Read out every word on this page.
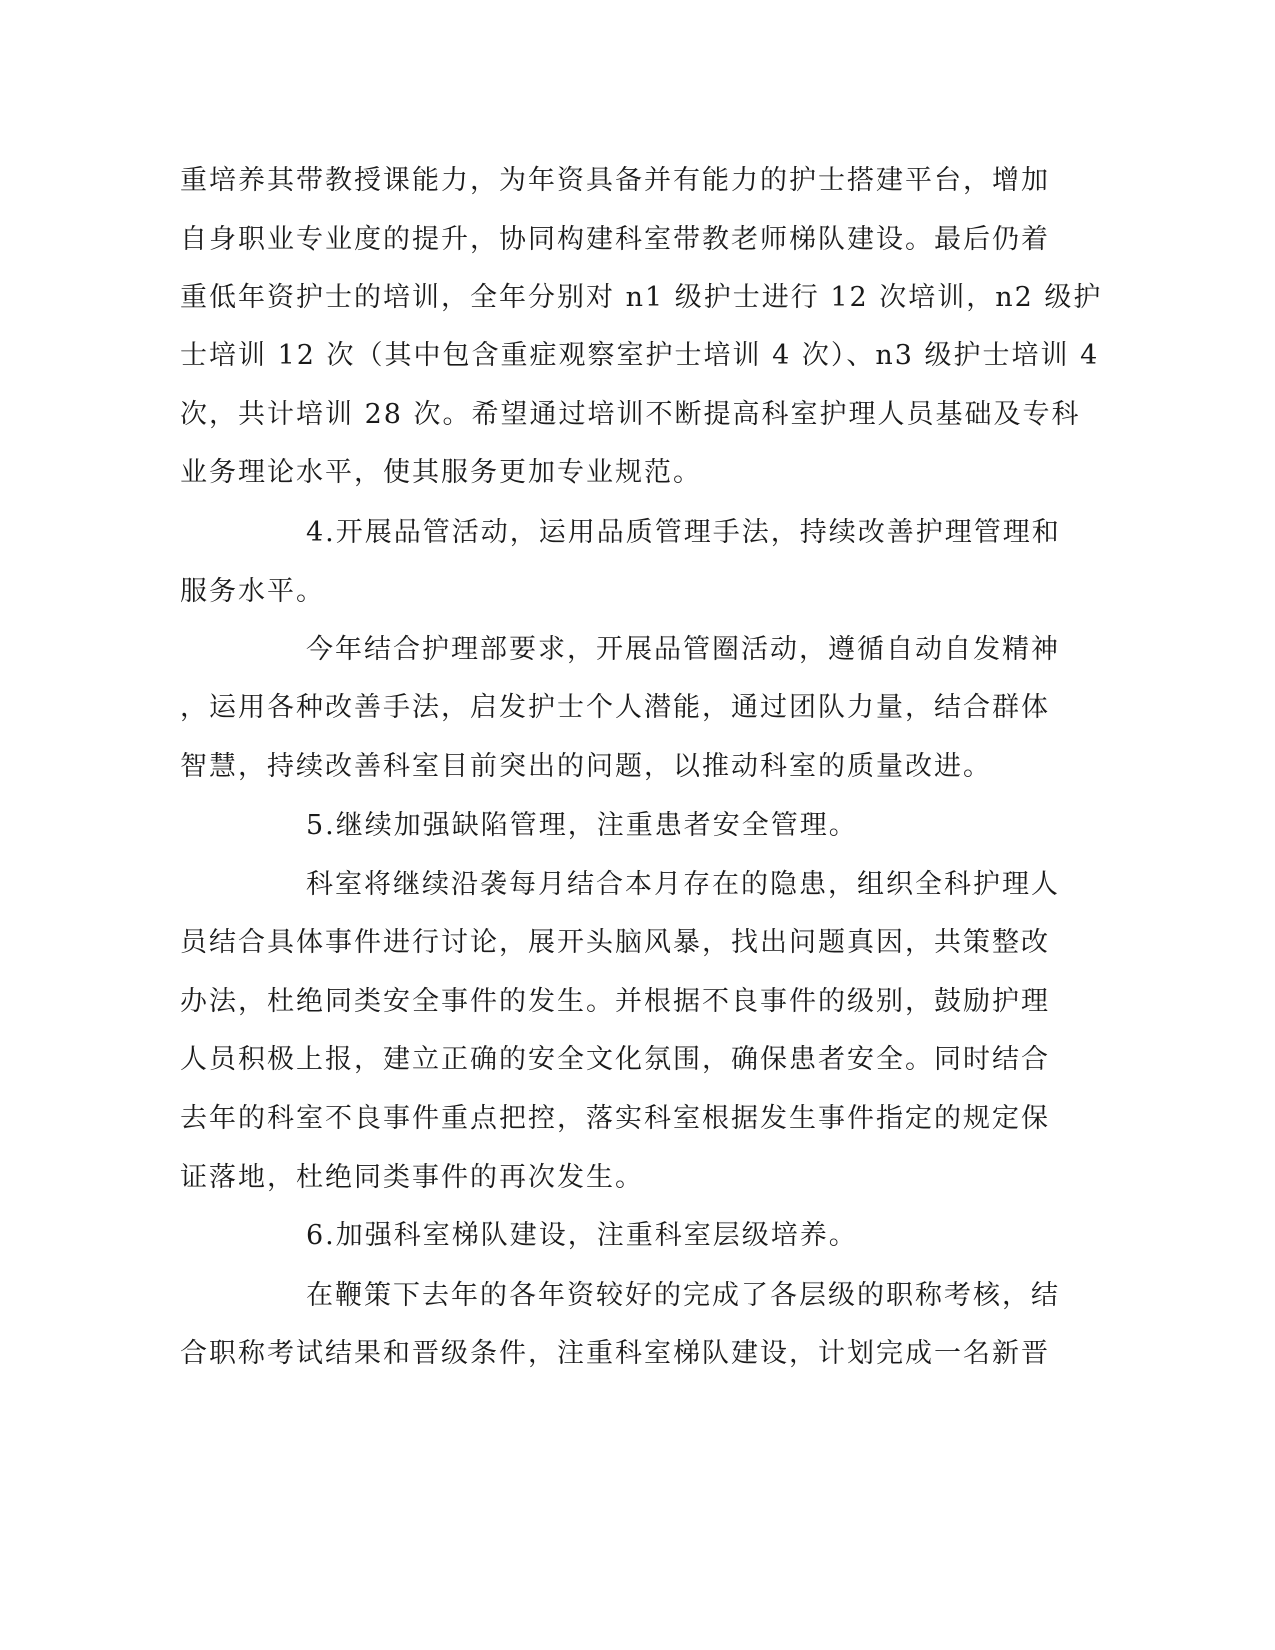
重培养其带教授课能力，为年资具备并有能力的护士搭建平台，增加
自身职业专业度的提升，协同构建科室带教老师梯队建设。最后仍着
重低年资护士的培训，全年分别对 n1 级护士进行 12 次培训，n2 级护
士培训 12 次（其中包含重症观察室护士培训 4 次）、n3 级护士培训 4
次，共计培训 28 次。希望通过培训不断提高科室护理人员基础及专科
业务理论水平，使其服务更加专业规范。
4.开展品管活动，运用品质管理手法，持续改善护理管理和
服务水平。
今年结合护理部要求，开展品管圈活动，遵循自动自发精神
，运用各种改善手法，启发护士个人潜能，通过团队力量，结合群体
智慧，持续改善科室目前突出的问题，以推动科室的质量改进。
5.继续加强缺陷管理，注重患者安全管理。
科室将继续沿袭每月结合本月存在的隐患，组织全科护理人
员结合具体事件进行讨论，展开头脑风暴，找出问题真因，共策整改
办法，杜绝同类安全事件的发生。并根据不良事件的级别，鼓励护理
人员积极上报，建立正确的安全文化氛围，确保患者安全。同时结合
去年的科室不良事件重点把控，落实科室根据发生事件指定的规定保
证落地，杜绝同类事件的再次发生。
6.加强科室梯队建设，注重科室层级培养。
在鞭策下去年的各年资较好的完成了各层级的职称考核，结
合职称考试结果和晋级条件，注重科室梯队建设，计划完成一名新晋
